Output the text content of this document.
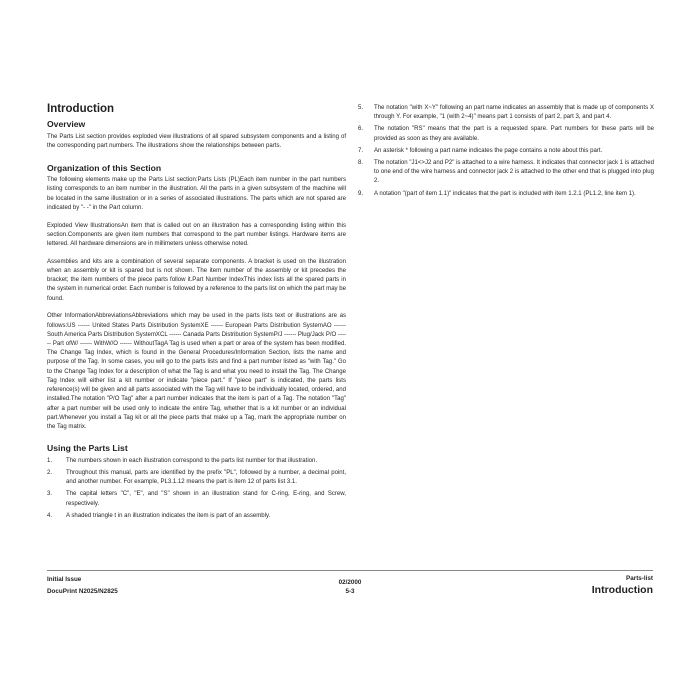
Introduction
Overview

The Parts List section provides exploded view illustrations of all spared subsystem components and a listing of the corresponding part numbers. The illustrations show the relationships between parts.

Organization of this Section

The following elements make up the Parts List section:Parts Lists (PL)Each item number in the part numbers listing corresponds to an item number in the illustration. All the parts in a given subsystem of the machine will be located in the same illustration or in a series of associated illustrations. The parts which are not spared are indicated by "- -" in the Part column.

Exploded View IllustrationsAn item that is called out on an illustration has a corresponding listing within this section.Components are given item numbers that correspond to the part number listings. Hardware items are lettered. All hardware dimensions are in millimeters unless otherwise noted.

Assemblies and kits are a combination of several separate components. A bracket is used on the illustration when an assembly or kit is spared but is not shown. The item number of the assembly or kit precedes the bracket; the item numbers of the piece parts follow it.Part Number IndexThis index lists all the spared parts in the system in numerical order. Each number is followed by a reference to the parts list on which the part may be found.

Other InformationAbbreviationsAbbreviations which may be used in the parts lists text or illustrations are as follows:US ------ United States Parts Distribution SystemXE ------ European Parts Distribution SystemAO ------ South America Parts Distribution SystemXCL ------ Canada Parts Distribution SystemP/J ------ Plug/Jack P/O ------ Part ofW/ ------ WithW/O ------ WithoutTagA Tag is used when a part or area of the system has been modified. The Change Tag Index, which is found in the General Procedures/Information Section, lists the name and purpose of the Tag. In some cases, you will go to the parts lists and find a part number listed as "with Tag." Go to the Change Tag Index for a description of what the Tag is and what you need to install the Tag. The Change Tag Index will either list a kit number or indicate "piece part." If "piece part" is indicated, the parts lists reference(s) will be given and all parts associated with the Tag will have to be individually located, ordered, and installed.The notation "P/O Tag" after a part number indicates that the item is part of a Tag. The notation "Tag" after a part number will be used only to indicate the entire Tag, whether that is a kit number or an individual part.Whenever you install a Tag kit or all the piece parts that make up a Tag, mark the appropriate number on the Tag matrix.

Using the Parts List
1. The numbers shown in each illustration correspond to the parts list number for that illustration.
2. Throughout this manual, parts are identified by the prefix "PL", followed by a number, a decimal point, and another number. For example, PL3.1.12 means the part is item 12 of parts list 3.1.
3. The capital letters "C", "E", and "S" shown in an illustration stand for C-ring, E-ring, and Screw, respectively.
4. A shaded triangle t in an illustration indicates the item is part of an assembly.
5. The notation "with X~Y" following an part name indicates an assembly that is made up of components X through Y. For example, "1 (with 2~4)" means part 1 consists of part 2, part 3, and part 4.
6. The notation "RS" means that the part is a requested spare. Part numbers for these parts will be provided as soon as they are available.
7. An asterisk * following a part name indicates the page contains a note about this part.
8. The notation "J1<>J2 and P2" is attached to a wire harness. It indicates that connector jack 1 is attached to one end of the wire harness and connector jack 2 is attached to the other end that is plugged into plug 2.
9. A notation "(part of item 1.1)" indicates that the part is included with item 1.2.1 (PL1.2, line item 1).
Initial Issue
DocuPrint N2025/N2825
02/2000
5-3
Parts-list
Introduction
